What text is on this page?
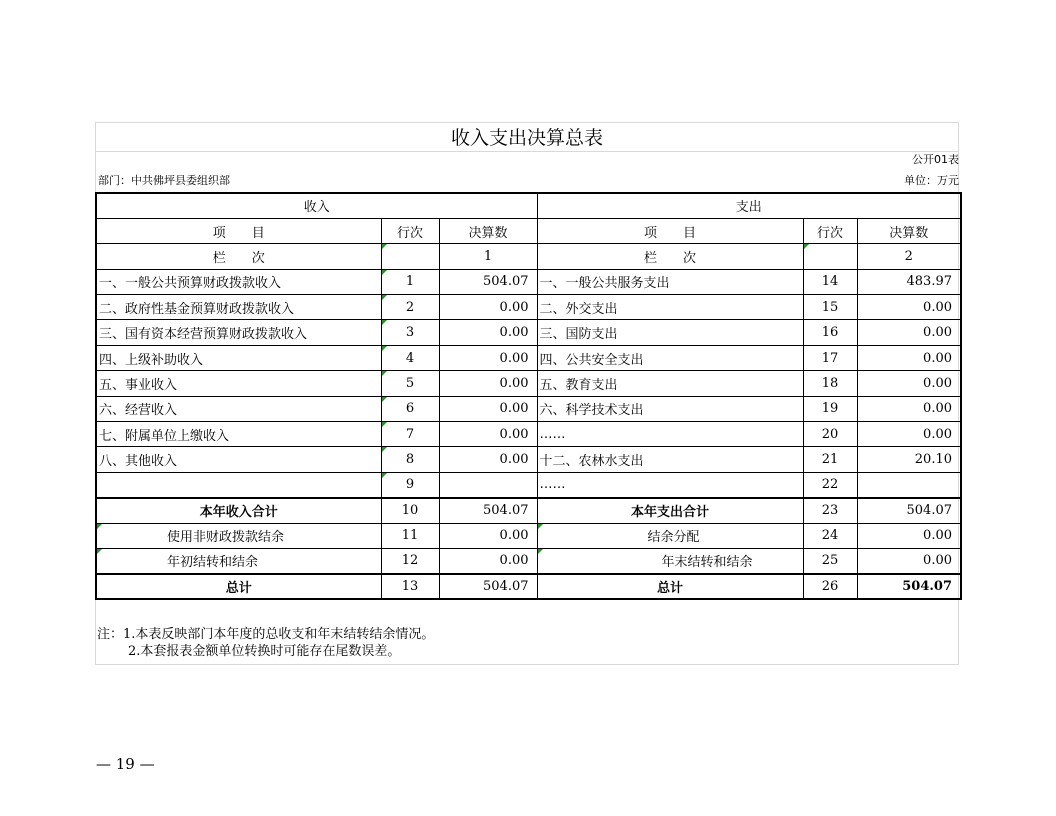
收入支出决算总表
公开01表
部门：中共佛坪县委组织部	单位：万元
收入			支出		
项　　目	行次	决算数	项　　目	行次	决算数
栏　　次		1	栏　　次		2
一、一般公共预算财政拨款收入	1	504.07	一、一般公共服务支出	14	483.97
二、政府性基金预算财政拨款收入	2	0.00	二、外交支出	15	0.00
三、国有资本经营预算财政拨款收入	3	0.00	三、国防支出	16	0.00
四、上级补助收入	4	0.00	四、公共安全支出	17	0.00
五、事业收入	5	0.00	五、教育支出	18	0.00
六、经营收入	6	0.00	六、科学技术支出	19	0.00
七、附属单位上缴收入	7	0.00	……	20	0.00
八、其他收入	8	0.00	十二、农林水支出	21	20.10
	9		……	22	
本年收入合计	10	504.07	本年支出合计	23	504.07
使用非财政拨款结余	11	0.00	结余分配	24	0.00
年初结转和结余	12	0.00	年末结转和结余	25	0.00
总计	13	504.07	总计	26	504.07
注：1.本表反映部门本年度的总收支和年末结转结余情况。
2.本套报表金额单位转换时可能存在尾数误差。
— 19 —
